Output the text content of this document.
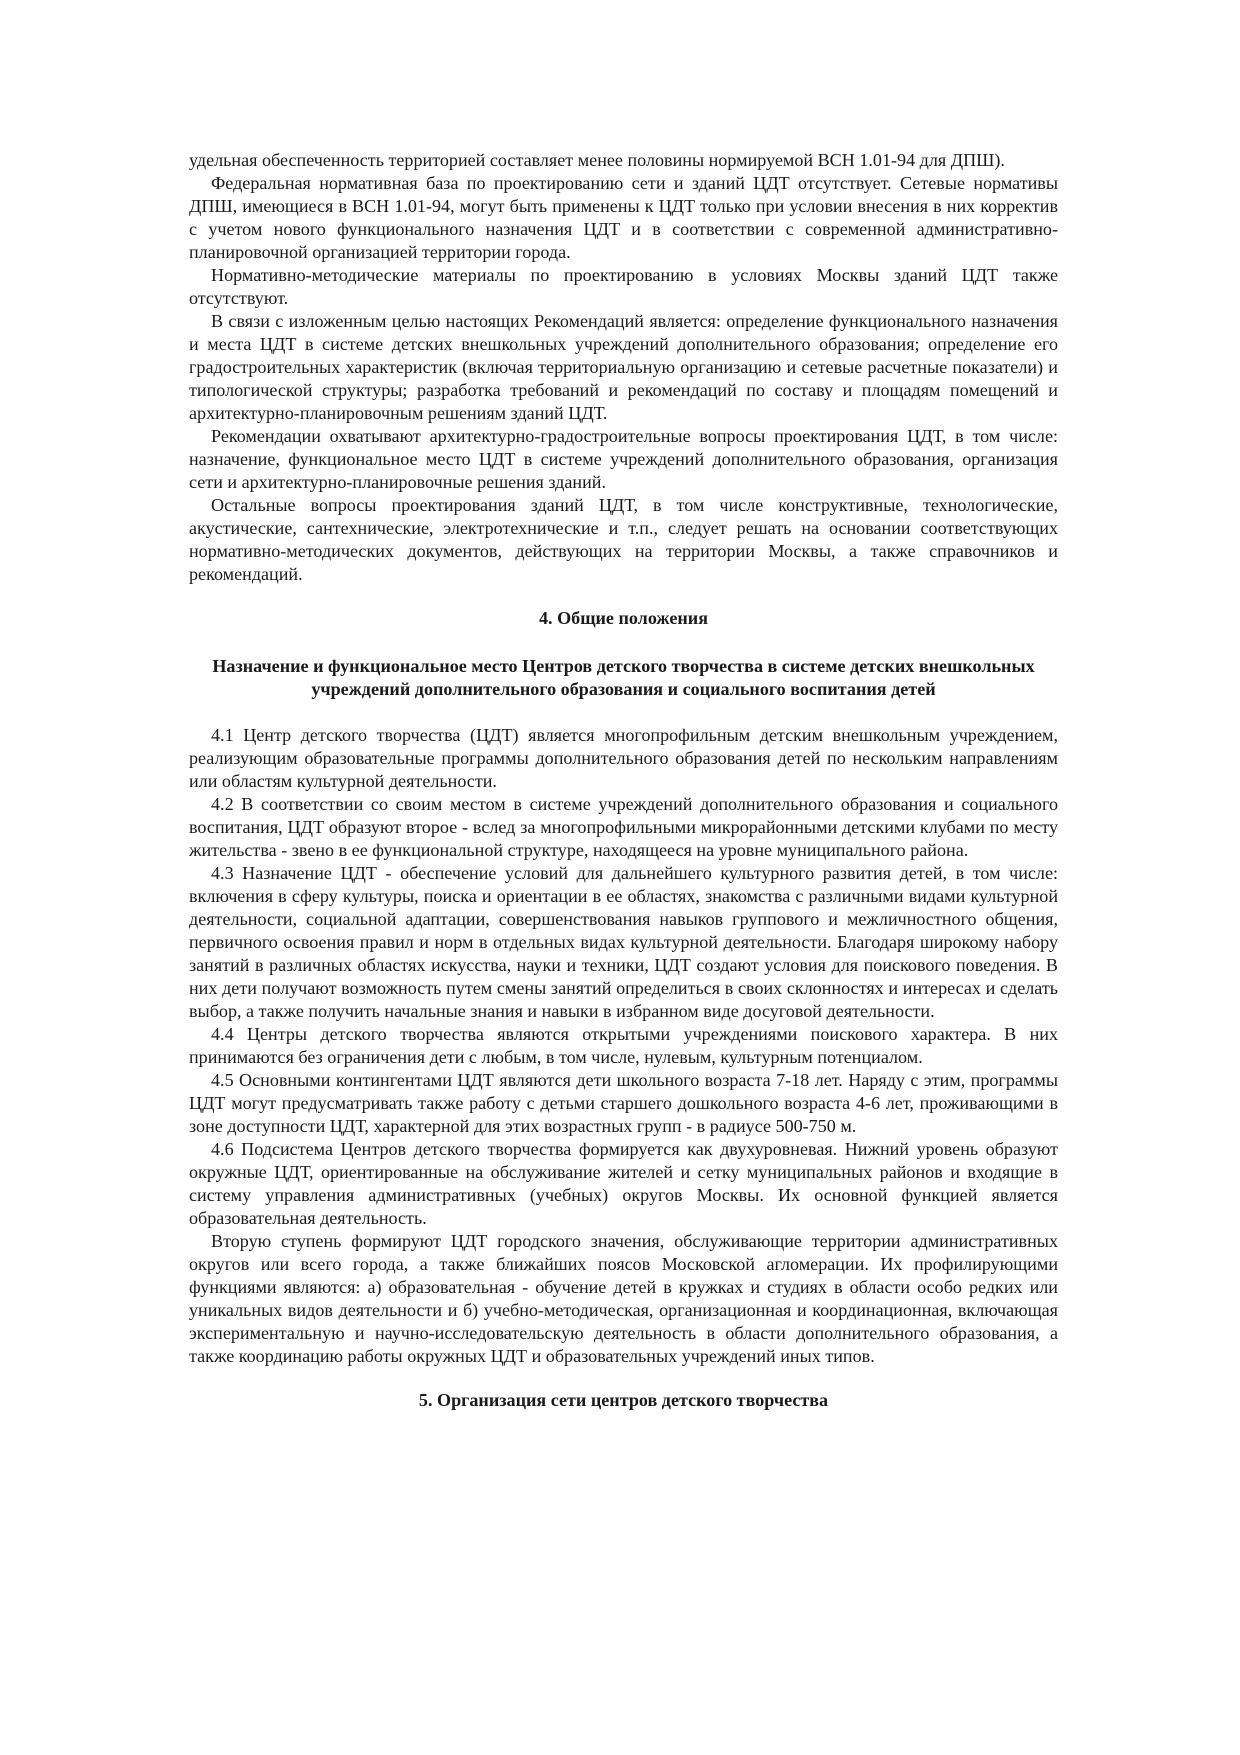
удельная обеспеченность территорией составляет менее половины нормируемой ВСН 1.01-94 для ДПШ).

Федеральная нормативная база по проектированию сети и зданий ЦДТ отсутствует. Сетевые нормативы ДПШ, имеющиеся в ВСН 1.01-94, могут быть применены к ЦДТ только при условии внесения в них корректив с учетом нового функционального назначения ЦДТ и в соответствии с современной административно-планировочной организацией территории города.

Нормативно-методические материалы по проектированию в условиях Москвы зданий ЦДТ также отсутствуют.

В связи с изложенным целью настоящих Рекомендаций является: определение функционального назначения и места ЦДТ в системе детских внешкольных учреждений дополнительного образования; определение его градостроительных характеристик (включая территориальную организацию и сетевые расчетные показатели) и типологической структуры; разработка требований и рекомендаций по составу и площадям помещений и архитектурно-планировочным решениям зданий ЦДТ.

Рекомендации охватывают архитектурно-градостроительные вопросы проектирования ЦДТ, в том числе: назначение, функциональное место ЦДТ в системе учреждений дополнительного образования, организация сети и архитектурно-планировочные решения зданий.

Остальные вопросы проектирования зданий ЦДТ, в том числе конструктивные, технологические, акустические, сантехнические, электротехнические и т.п., следует решать на основании соответствующих нормативно-методических документов, действующих на территории Москвы, а также справочников и рекомендаций.

4. Общие положения
Назначение и функциональное место Центров детского творчества в системе детских внешкольных учреждений дополнительного образования и социального воспитания детей

4.1 Центр детского творчества (ЦДТ) является многопрофильным детским внешкольным учреждением, реализующим образовательные программы дополнительного образования детей по нескольким направлениям или областям культурной деятельности.

4.2 В соответствии со своим местом в системе учреждений дополнительного образования и социального воспитания, ЦДТ образуют второе - вслед за многопрофильными микрорайонными детскими клубами по месту жительства - звено в ее функциональной структуре, находящееся на уровне муниципального района.

4.3 Назначение ЦДТ - обеспечение условий для дальнейшего культурного развития детей, в том числе: включения в сферу культуры, поиска и ориентации в ее областях, знакомства с различными видами культурной деятельности, социальной адаптации, совершенствования навыков группового и межличностного общения, первичного освоения правил и норм в отдельных видах культурной деятельности. Благодаря широкому набору занятий в различных областях искусства, науки и техники, ЦДТ создают условия для поискового поведения. В них дети получают возможность путем смены занятий определиться в своих склонностях и интересах и сделать выбор, а также получить начальные знания и навыки в избранном виде досуговой деятельности.

4.4 Центры детского творчества являются открытыми учреждениями поискового характера. В них принимаются без ограничения дети с любым, в том числе, нулевым, культурным потенциалом.

4.5 Основными контингентами ЦДТ являются дети школьного возраста 7-18 лет. Наряду с этим, программы ЦДТ могут предусматривать также работу с детьми старшего дошкольного возраста 4-6 лет, проживающими в зоне доступности ЦДТ, характерной для этих возрастных групп - в радиусе 500-750 м.

4.6 Подсистема Центров детского творчества формируется как двухуровневая. Нижний уровень образуют окружные ЦДТ, ориентированные на обслуживание жителей и сетку муниципальных районов и входящие в систему управления административных (учебных) округов Москвы. Их основной функцией является образовательная деятельность.

Вторую ступень формируют ЦДТ городского значения, обслуживающие территории административных округов или всего города, а также ближайших поясов Московской агломерации. Их профилирующими функциями являются: а) образовательная - обучение детей в кружках и студиях в области особо редких или уникальных видов деятельности и б) учебно-методическая, организационная и координационная, включающая экспериментальную и научно-исследовательскую деятельность в области дополнительного образования, а также координацию работы окружных ЦДТ и образовательных учреждений иных типов.

5. Организация сети центров детского творчества
